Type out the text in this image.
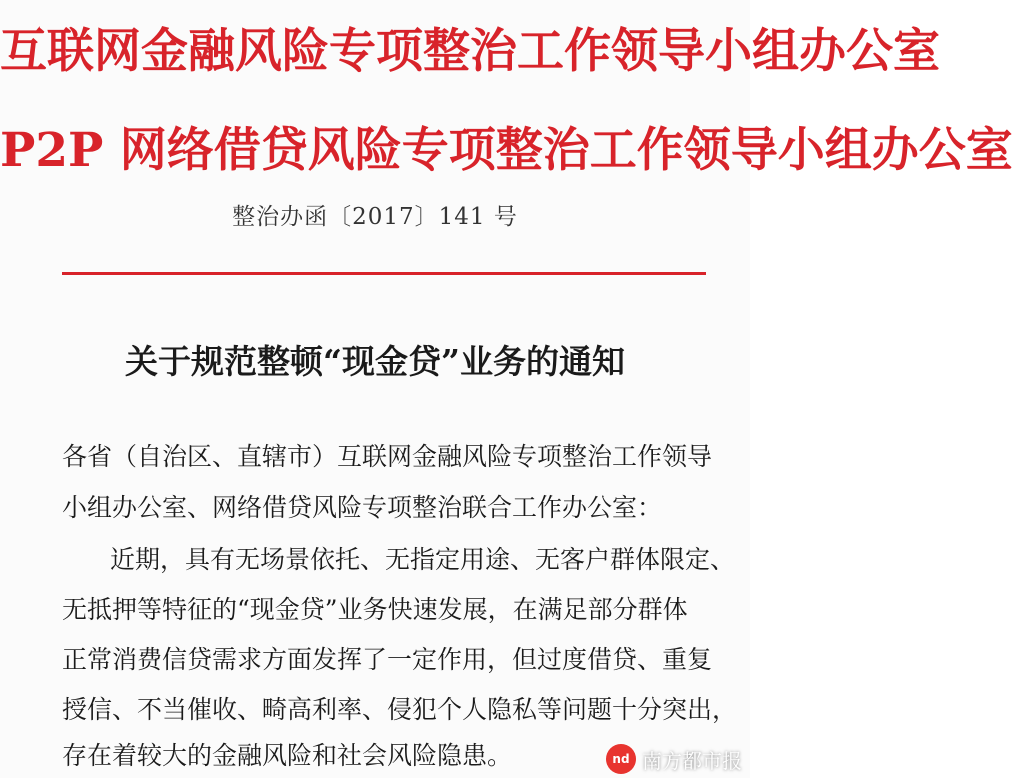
互联网金融风险专项整治工作领导小组办公室
P2P 网络借贷风险专项整治工作领导小组办公室
整治办函〔2017〕141 号
关于规范整顿“现金贷”业务的通知
各省（自治区、直辖市）互联网金融风险专项整治工作领导
小组办公室、网络借贷风险专项整治联合工作办公室：
近期，具有无场景依托、无指定用途、无客户群体限定、
无抵押等特征的“现金贷”业务快速发展，在满足部分群体
正常消费信贷需求方面发挥了一定作用，但过度借贷、重复
授信、不当催收、畸高利率、侵犯个人隐私等问题十分突出，
存在着较大的金融风险和社会风险隐患。	nd 南方都市报
